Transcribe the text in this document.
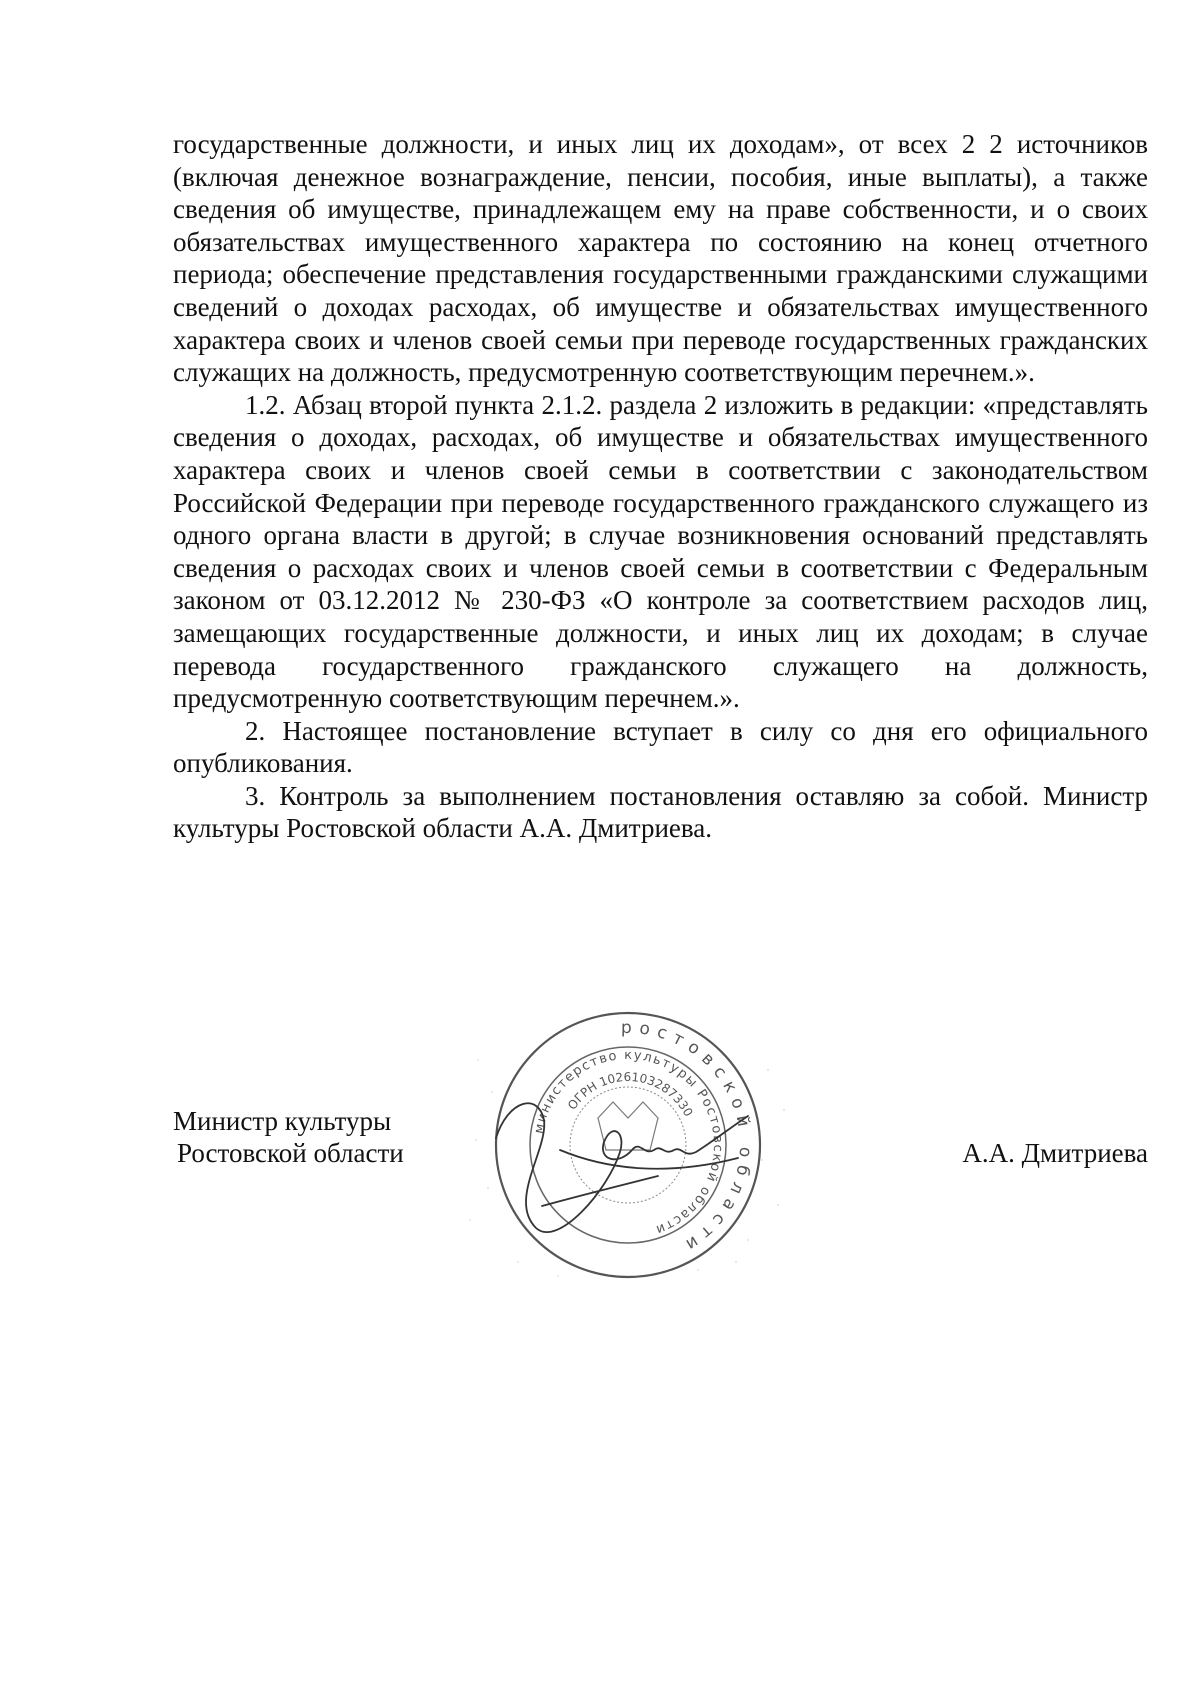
государственные должности, и иных лиц их доходам», от всех 2 2 источников (включая денежное вознаграждение, пенсии, пособия, иные выплаты), а также сведения об имуществе, принадлежащем ему на праве собственности, и о своих обязательствах имущественного характера по состоянию на конец отчетного периода; обеспечение представления государственными гражданскими служащими сведений о доходах расходах, об имуществе и обязательствах имущественного характера своих и членов своей семьи при переводе государственных гражданских служащих на должность, предусмотренную соответствующим перечнем.».

1.2. Абзац второй пункта 2.1.2. раздела 2 изложить в редакции: «представлять сведения о доходах, расходах, об имуществе и обязательствах имущественного характера своих и членов своей семьи в соответствии с законодательством Российской Федерации при переводе государственного гражданского служащего из одного органа власти в другой; в случае возникновения оснований представлять сведения о расходах своих и членов своей семьи в соответствии с Федеральным законом от 03.12.2012 № 230-ФЗ «О контроле за соответствием расходов лиц, замещающих государственные должности, и иных лиц их доходам; в случае перевода государственного гражданского служащего на должность, предусмотренную соответствующим перечнем.».

2. Настоящее постановление вступает в силу со дня его официального опубликования.

3. Контроль за выполнением постановления оставляю за собой. Министр культуры Ростовской области А.А. Дмитриева.

Министр культуры
Ростовской области
ростовской области
министерство культуры Ростовской области
ОГРН 1026103287330
А.А. Дмитриева
